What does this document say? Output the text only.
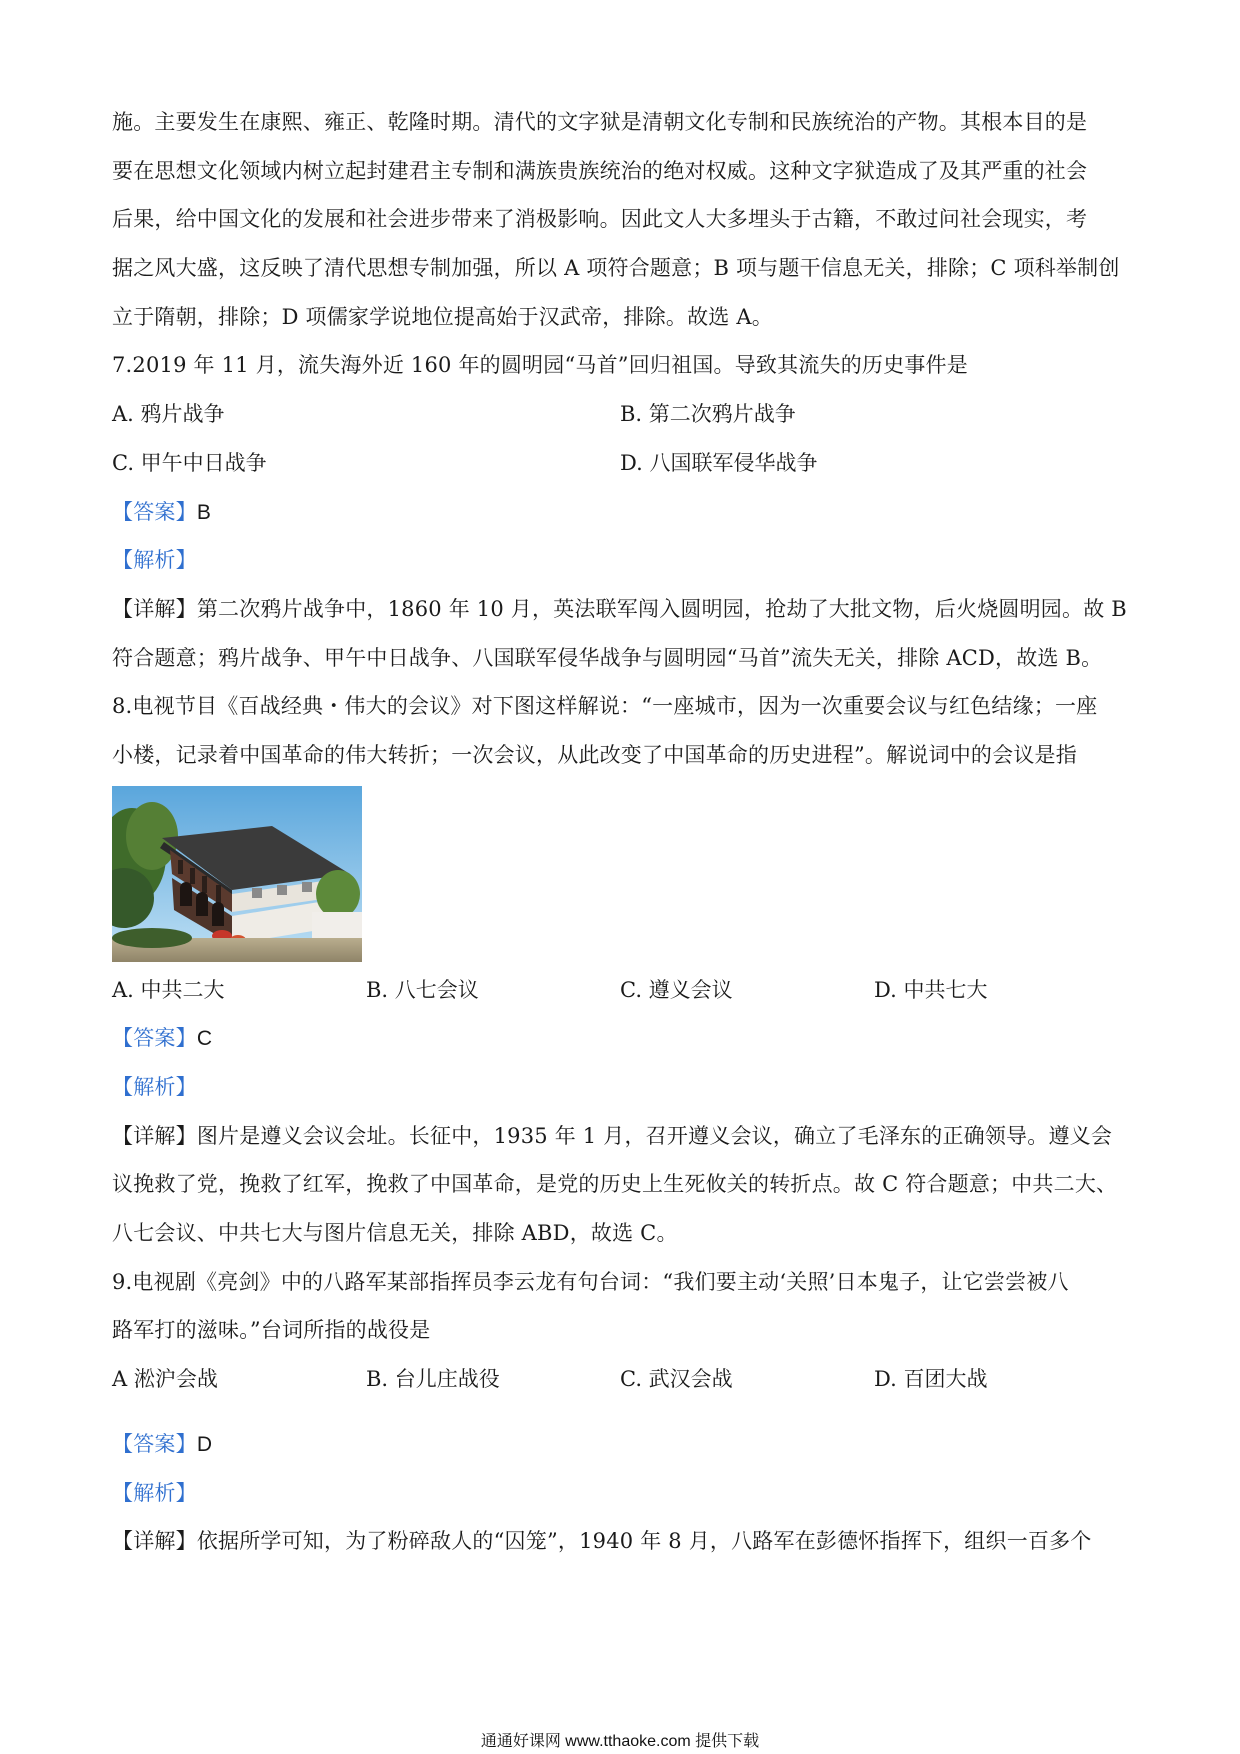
施。主要发生在康熙、雍正、乾隆时期。清代的文字狱是清朝文化专制和民族统治的产物。其根本目的是
要在思想文化领域内树立起封建君主专制和满族贵族统治的绝对权威。这种文字狱造成了及其严重的社会
后果，给中国文化的发展和社会进步带来了消极影响。因此文人大多埋头于古籍，不敢过问社会现实，考
据之风大盛，这反映了清代思想专制加强，所以 A 项符合题意；B 项与题干信息无关，排除；C 项科举制创
立于隋朝，排除；D 项儒家学说地位提高始于汉武帝，排除。故选 A。
7.2019 年 11 月，流失海外近 160 年的圆明园“马首”回归祖国。导致其流失的历史事件是
A. 鸦片战争	B. 第二次鸦片战争
C. 甲午中日战争	D. 八国联军侵华战争
【答案】B
【解析】
【详解】第二次鸦片战争中，1860 年 10 月，英法联军闯入圆明园，抢劫了大批文物，后火烧圆明园。故 B
符合题意；鸦片战争、甲午中日战争、八国联军侵华战争与圆明园“马首”流失无关，排除 ACD，故选 B。
8.电视节目《百战经典・伟大的会议》对下图这样解说：“一座城市，因为一次重要会议与红色结缘；一座
小楼，记录着中国革命的伟大转折；一次会议，从此改变了中国革命的历史进程”。解说词中的会议是指
A. 中共二大	B. 八七会议	C. 遵义会议	D. 中共七大
【答案】C
【解析】
【详解】图片是遵义会议会址。长征中，1935 年 1 月，召开遵义会议，确立了毛泽东的正确领导。遵义会
议挽救了党，挽救了红军，挽救了中国革命，是党的历史上生死攸关的转折点。故 C 符合题意；中共二大、
八七会议、中共七大与图片信息无关，排除 ABD，故选 C。
9.电视剧《亮剑》中的八路军某部指挥员李云龙有句台词：“我们要主动‘关照’日本鬼子，让它尝尝被八
路军打的滋味。”台词所指的战役是
A 淞沪会战	B. 台儿庄战役	C. 武汉会战	D. 百团大战
【答案】D
【解析】
【详解】依据所学可知，为了粉碎敌人的“囚笼”，1940 年 8 月，八路军在彭德怀指挥下，组织一百多个
通通好课网 www.tthaoke.com 提供下载
